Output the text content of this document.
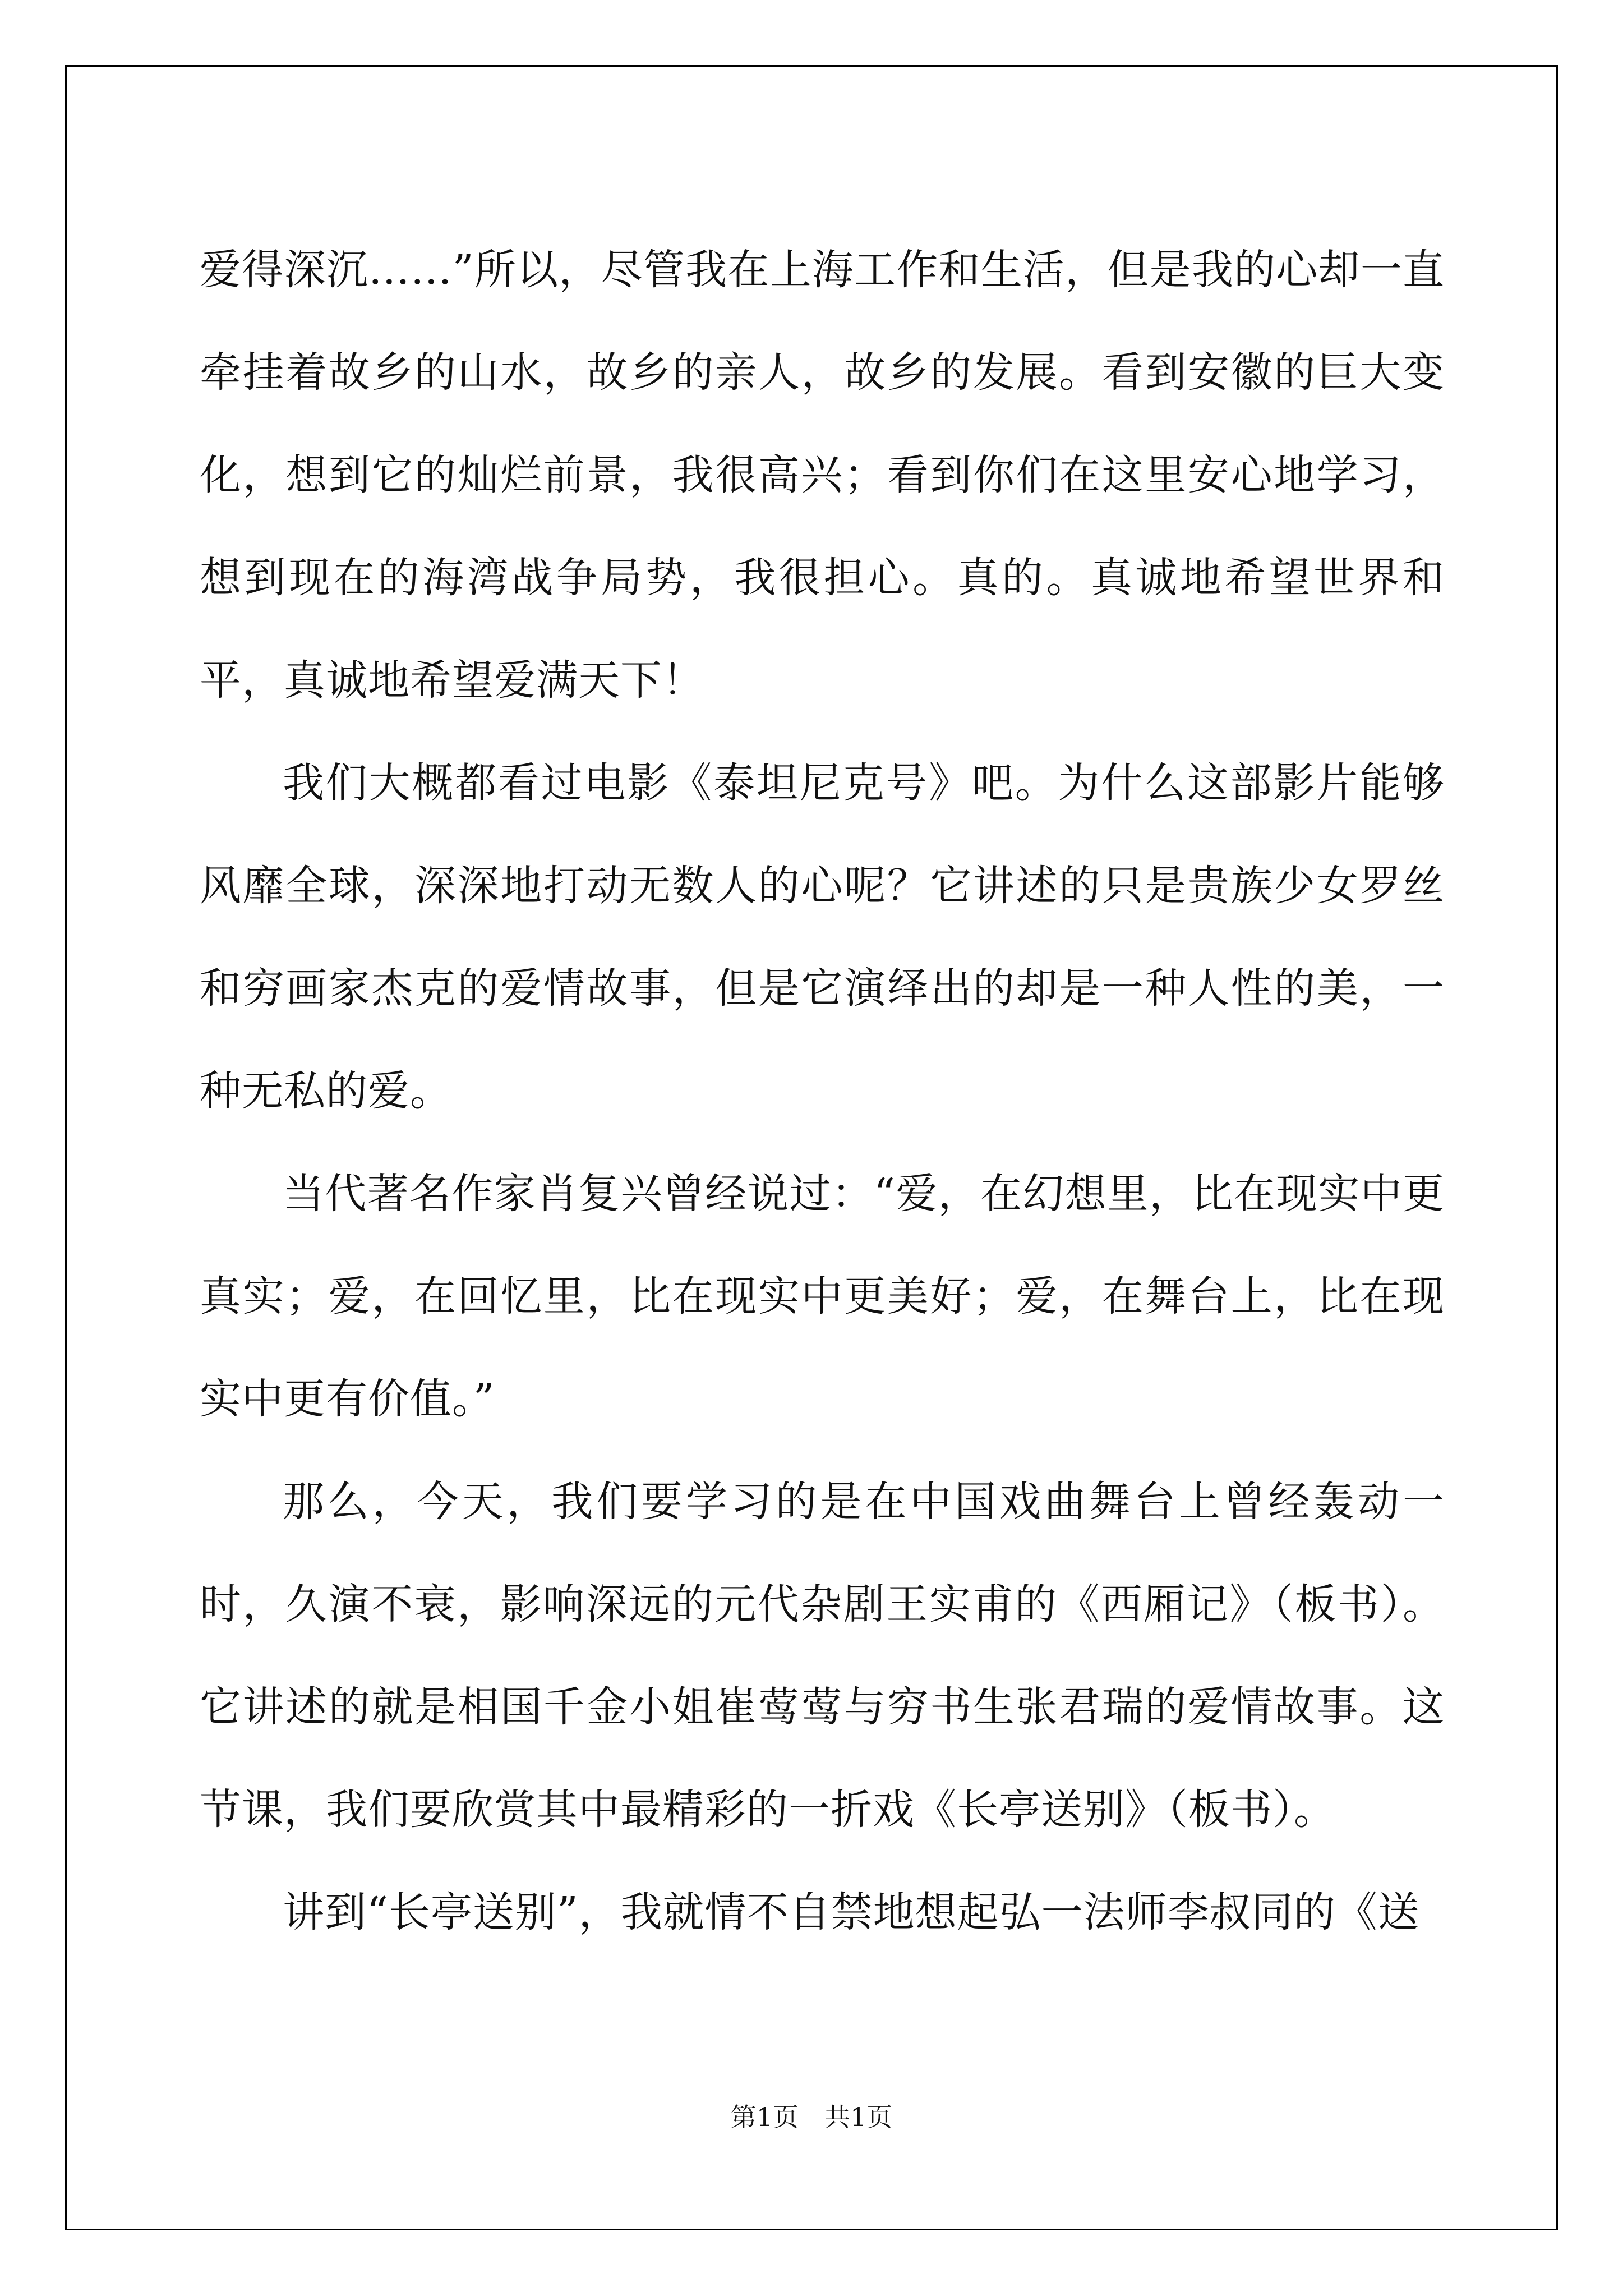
爱得深沉……”所以，尽管我在上海工作和生活，但是我的心却一直牵挂着故乡的山水，故乡的亲人，故乡的发展。看到安徽的巨大变化，想到它的灿烂前景，我很高兴；看到你们在这里安心地学习，想到现在的海湾战争局势，我很担心。真的。真诚地希望世界和平，真诚地希望爱满天下！

我们大概都看过电影《泰坦尼克号》吧。为什么这部影片能够风靡全球，深深地打动无数人的心呢？它讲述的只是贵族少女罗丝和穷画家杰克的爱情故事，但是它演绎出的却是一种人性的美，一种无私的爱。

当代著名作家肖复兴曾经说过：“爱，在幻想里，比在现实中更真实；爱，在回忆里，比在现实中更美好；爱，在舞台上，比在现实中更有价值。”

那么，今天，我们要学习的是在中国戏曲舞台上曾经轰动一时，久演不衰，影响深远的元代杂剧王实甫的《西厢记》（板书）。它讲述的就是相国千金小姐崔莺莺与穷书生张君瑞的爱情故事。这节课，我们要欣赏其中最精彩的一折戏《长亭送别》（板书）。

讲到“长亭送别”，我就情不自禁地想起弘一法师李叔同的《送

第1页　共1页
